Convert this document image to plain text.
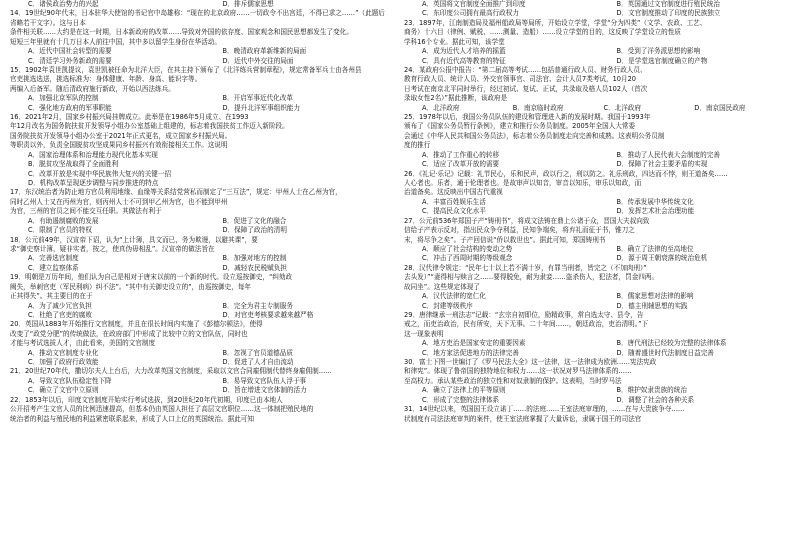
C．诸侯政治势力的兴起	D．排斥儒家思想
14．19世纪90年代末，日本驻华大使馆的书记官中岛雄称：“现在的北京政府……一切政令不出宫廷，不得已求之……”（此题后省略若干文字）。这与日本
条件相关联……大约是在这一时期，日本新政府的改革……导致对外国的依存度、国家观念和国民思想都发生了变化。
短短三年里就有十几万日本人前往中国，其中多以留学生身份在华活动。
A．近代中国社会转型的需要	B．晚清政府革新维新的局面
C．清廷学习外务新政的需要	D．近代中外交往的局面
15．1902年袁世凯提议，袁世凯被任命为北洋大臣，在其主持下颁布了《北洋练兵营制章程》，规定常备军兵士由各州县
官吏挑选选送，挑选标准为：身体健康、年龄、身高、能识字等。
两编入后备军。随后清政府施行新政，开始以西法练兵。
A．加强北京军队的控制	B．开启军事近代化改革
C．强化地方政府的军事职能	D．提升北洋军事组织能力
16．2021年2月，国家乡村振兴局挂牌成立。此举是在1986年5月成立、在1993
年12月改名为国务院扶贫开发领导小组办公室基础上组建的，标志着我国扶贫工作迈入新阶段。
国务院扶贫开发领导小组办公室于2021年正式更名，成立国家乡村振兴局。
等职责以外，负责全国脱贫攻坚成果同乡村振兴有效衔接相关工作。这说明
A．国家治理体系和治理能力现代化基本实现
B．脱贫攻坚战取得了全面胜利
C．改革开放是实现中华民族伟大复兴的关键一招
D．机构改革呈现逐步调整与同步推进的特点
17．东汉统治者为防止地方官员利用地缘、血缘等关系结党营私而制定了“三互法”，规定：甲州人士在乙州为官，
同时乙州人士又在丙州为官，则丙州人士不可到甲乙州为官，也不能到甲州
为官，三州的官员之间不能交互任职。其做法有利于
A．有助遏制腐败的发展	B．促进了文化的融合
C．限制了官员的特权	D．保障了政治的清明
18．公元前49年，汉宣帝下诏，认为“上计簿，具文而已，务为欺谩，以避其课”，要
求“御史察计簿，疑非实者，按之，使真伪毋相乱”。汉宣帝的做法旨在
A．完善选官制度	B．加强对地方的控制
C．建立监察体系	D．减轻农民税赋负担
19．明朝是万历年间，他们认为自己是相对于唐宋以前的一个新的时代。设立巡按御史，“纠劾政
阙失，举刺官吏（军民利病）纠不法”。“其中有关御史设立的”，由巡按御史，每年
正其得失”。其主要目的在于
A．为了减少冗官负担	B．完全为君主专制服务
C．杜绝了官吏的腐败	D．对官吏考核要求越来越严格
20．英国从1883年开始推行文官制度，并且在很长时间内实施了《彭德尔顿法》，使得
改变了“政党分肥”的传统做法，在政府部门中形成了比较中立的文官队伍，同时也
才能与考试选拔人才，由此看来，美国的文官制度
A．推动文官制度专业化	B．忽视了官员道德品质
C．加强了政府行政效能	D．促进了人才自由流动
21．20世纪70年代，撒切尔夫人上台后，大力改革英国文官制度，采取以文官合同雇佣制代替终身雇佣制……
A．导致文官队伍稳定性下降	B．易导致文官队伍人浮于事
C．确立了文官中立原则	D．旨在增进文官体制的活力
22．1853年以后，印度文官制度开始实行考试选拔，到20世纪20年代初期，印度已由本地人
公开招考产生文官人员的比例迅速提高，但基本仍由英国人担任了高层文官职位……这一体制把殖民地的
统治者的利益与殖民地的利益紧密联系起来，形成了人口上亿的英国统治。据此可知
A．英国将文官制度全面推广到印度	B．英国通过文官制度进行殖民统治
C．东印度公司拥有最高行政权力	D．文官制度推动了印度的民族独立
23．1897年，江南制造局及福州船政局等局所，开始设立学堂，学堂“分为四类”（文学、农政、工艺、
商务）十六目（律例、赋税、……测量、造船）……设立学堂的目的，这反映了学堂设立的性质
学科16个专业。据此可知，该学堂
A．成为近代人才培养的摇篮	B．受到了洋务派思想的影响
C．具有近代高等教育的特征	D．是学堂选官制度确立的产物
24．某政府公报中报告：“第二届高等考试……包括普通行政人员、财务行政人员、
教育行政人员、统计人员、外交官领事官、司法官、会计人员7类考试，10月20
日考试在南京北平同时举行，经过初试、复试、正试，共录取及格人员102人（首次
录取女性2名）”据此推断，该政府是
A．北洋政府	B．南京临时政府	C．北洋政府	D．南京国民政府
25．1978年以后，我国公务员队伍的建设和管理进入新的发展时期。我国于1993年
颁布了《国家公务员暂行条例》，建立和推行公务员制度。2005年全国人大常委
会通过《中华人民共和国公务员法》，标志着公务员制度走向完善和成熟。这表明公务员制
度的推行
A．推动了工作重心的转移	B．推动了人民代表大会制度的完善
C．适应了改革开放的需要	D．保障了社会主要矛盾的实现
26．《礼记·乐记》记载：礼节民心，乐和民声，政以行之，刑以防之。礼乐刑政，四达而不悖，则王道备矣……
人心者也。乐者，通于伦理者也。是故审声以知音，审音以知乐，审乐以知政，而
治道备矣。这反映出中国古代重视
A．丰富百姓娱乐生活	B．传承发展中华传统文化
C．提高民众文化水平	D．发挥艺术社会治理功能
27．公元前536年郑国子产“铸刑书”，将成文法铸在鼎上公诸于众，晋国大夫叔向致
信给子产表示反对，指出民众争夺利益，民知争端矣，将弃礼而征于书，锥刀之
末，将尽争之矣”。子产回信说“侨以救世也”。据此可知，郑国铸刑书
A．顺应了社会结构的变动之势	B．确立了法律的至高地位
C．冲击了西周时期的等级观念	D．源于周王朝衰落的统治危机
28．汉代律令规定：“民年七十以上若不满十岁，有罪当刑者，皆完之（不加肉刑）”
去头发）”“妻得相与赎言之……要得脱免，耐为隶妾……盗杀伤人，犯法者，罚金四两。
故同坐”。这些规定体现了
A．汉代法律的宽仁化	B．儒家思想对法律的影响
C．封建等级秩序	D．德主刑辅思想的实践
29．唐律继承一刑法志”记载：“玄宗自初即位，励精政事，常自选太守、县令，告
戒之，而吏治政治，民有所安，天下无事。二十年间……，朝廷政治，吏治清明。”下
这一现象表明
A．地方吏治是国家安定的重要因素	B．唐代刑法已经较为完整的法律体系
C．地方家法促进地方的法律完善	D．随着盛世时代法制度日益完善
30．富士下图一世编订了《罗马民法大全》这一法律，这一法律成为欧洲……宪法宪政
和律宪”。体现了鲁帝国的独特地位和权力……这一状况对罗马法律体系的……
至高权力。承认某些政治的独立性和对奴隶制的保护。这表明，当时罗马法
A．确立了法律上的平等原则	B．维护奴隶贵族的统治
C．形成了完整的法律体系	D．调整了社会的各种关系
31．14世纪以来，英国国王设立诺丁……的法庭……王室法庭审理的，……在与大贵族争夺……
状制度有司法法庭审判的案件，使王室法庭掌握了大量诉讼，隶属于国王的司法官
